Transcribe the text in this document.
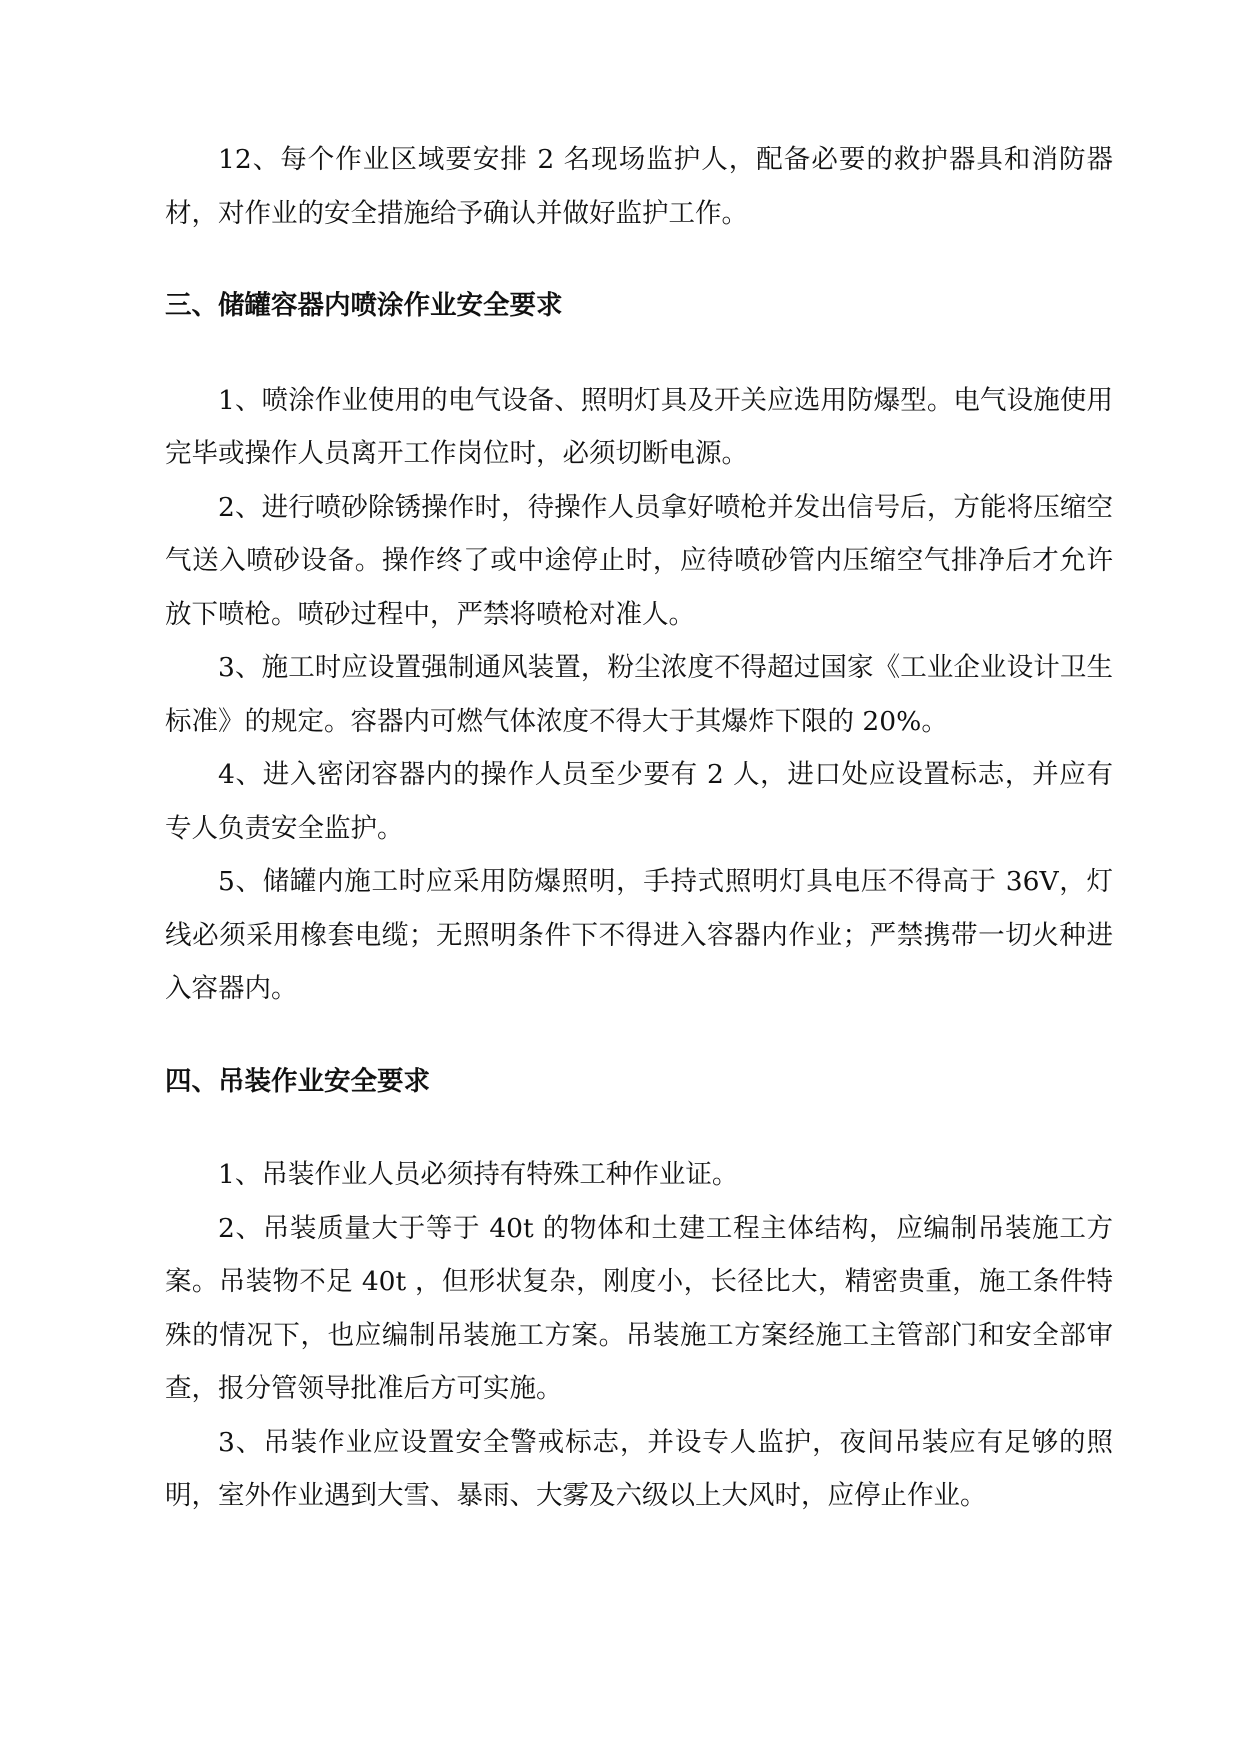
12、每个作业区域要安排 2 名现场监护人，配备必要的救护器具和消防器材，对作业的安全措施给予确认并做好监护工作。

三、储罐容器内喷涂作业安全要求

1、喷涂作业使用的电气设备、照明灯具及开关应选用防爆型。电气设施使用完毕或操作人员离开工作岗位时，必须切断电源。

2、进行喷砂除锈操作时，待操作人员拿好喷枪并发出信号后，方能将压缩空气送入喷砂设备。操作终了或中途停止时，应待喷砂管内压缩空气排净后才允许放下喷枪。喷砂过程中，严禁将喷枪对准人。

3、施工时应设置强制通风装置，粉尘浓度不得超过国家《工业企业设计卫生标准》的规定。容器内可燃气体浓度不得大于其爆炸下限的 20%。

4、进入密闭容器内的操作人员至少要有 2 人，进口处应设置标志，并应有专人负责安全监护。

5、储罐内施工时应采用防爆照明，手持式照明灯具电压不得高于 36V，灯线必须采用橡套电缆；无照明条件下不得进入容器内作业；严禁携带一切火种进入容器内。

四、吊装作业安全要求

1、吊装作业人员必须持有特殊工种作业证。

2、吊装质量大于等于 40t 的物体和土建工程主体结构，应编制吊装施工方案。吊装物不足 40t ，但形状复杂，刚度小，长径比大，精密贵重，施工条件特殊的情况下，也应编制吊装施工方案。吊装施工方案经施工主管部门和安全部审查，报分管领导批准后方可实施。

3、吊装作业应设置安全警戒标志，并设专人监护，夜间吊装应有足够的照明，室外作业遇到大雪、暴雨、大雾及六级以上大风时，应停止作业。
